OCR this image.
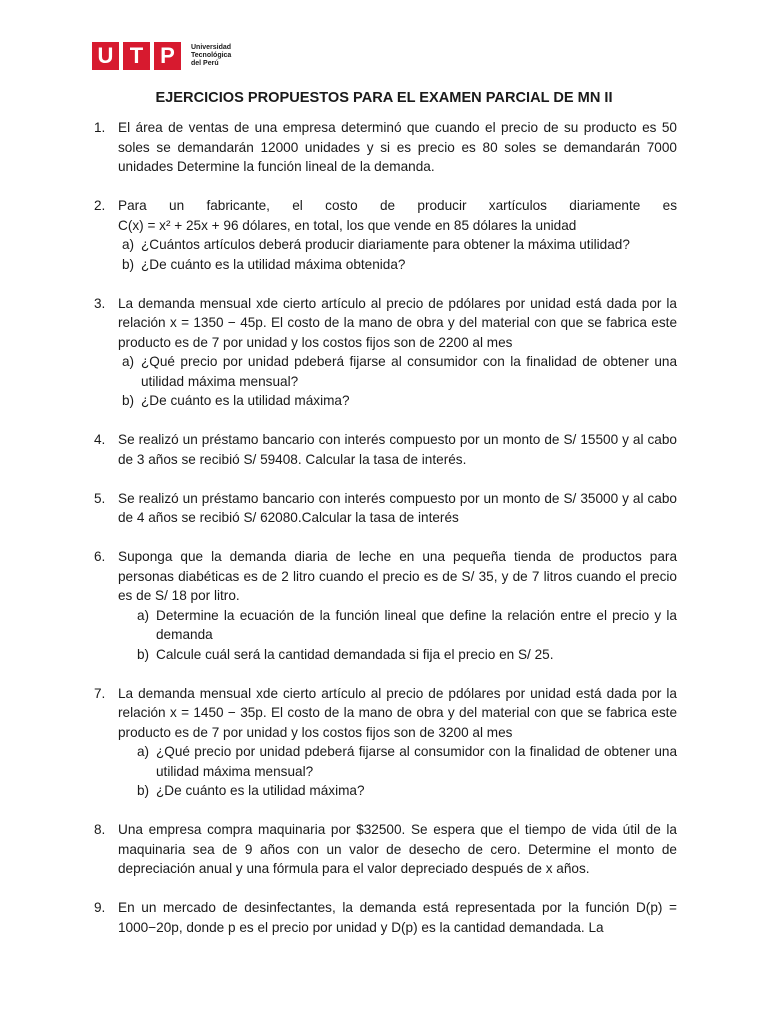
U T P	Universidad
Tecnológica
del Perú
EJERCICIOS PROPUESTOS PARA EL EXAMEN PARCIAL DE MN II
1. El área de ventas de una empresa determinó que cuando el precio de su producto es 50 soles se demandarán 12000 unidades y si es precio es 80 soles se demandarán 7000 unidades Determine la función lineal de la demanda.
2. Para un fabricante, el costo de producir xartículos diariamente es
C(x) = x² + 25x + 96 dólares, en total, los que vende en 85 dólares la unidad
a) ¿Cuántos artículos deberá producir diariamente para obtener la máxima utilidad?
b) ¿De cuánto es la utilidad máxima obtenida?
3. La demanda mensual xde cierto artículo al precio de pdólares por unidad está dada por la relación x = 1350 − 45p. El costo de la mano de obra y del material con que se fabrica este producto es de 7 por unidad y los costos fijos son de 2200 al mes
a) ¿Qué precio por unidad pdeberá fijarse al consumidor con la finalidad de obtener una utilidad máxima mensual?
b) ¿De cuánto es la utilidad máxima?
4. Se realizó un préstamo bancario con interés compuesto por un monto de S/ 15500 y al cabo de 3 años se recibió S/ 59408. Calcular la tasa de interés.
5. Se realizó un préstamo bancario con interés compuesto por un monto de S/ 35000 y al cabo de 4 años se recibió S/ 62080.Calcular la tasa de interés
6. Suponga que la demanda diaria de leche en una pequeña tienda de productos para personas diabéticas es de 2 litro cuando el precio es de S/ 35, y de 7 litros cuando el precio es de S/ 18 por litro.
a) Determine la ecuación de la función lineal que define la relación entre el precio y la demanda
b) Calcule cuál será la cantidad demandada si fija el precio en S/ 25.
7. La demanda mensual xde cierto artículo al precio de pdólares por unidad está dada por la relación x = 1450 − 35p. El costo de la mano de obra y del material con que se fabrica este producto es de 7 por unidad y los costos fijos son de 3200 al mes
a) ¿Qué precio por unidad pdeberá fijarse al consumidor con la finalidad de obtener una utilidad máxima mensual?
b) ¿De cuánto es la utilidad máxima?
8. Una empresa compra maquinaria por $32500. Se espera que el tiempo de vida útil de la maquinaria sea de 9 años con un valor de desecho de cero. Determine el monto de depreciación anual y una fórmula para el valor depreciado después de x años.
9. En un mercado de desinfectantes, la demanda está representada por la función D(p) = 1000−20p, donde p es el precio por unidad y D(p) es la cantidad demandada. La
